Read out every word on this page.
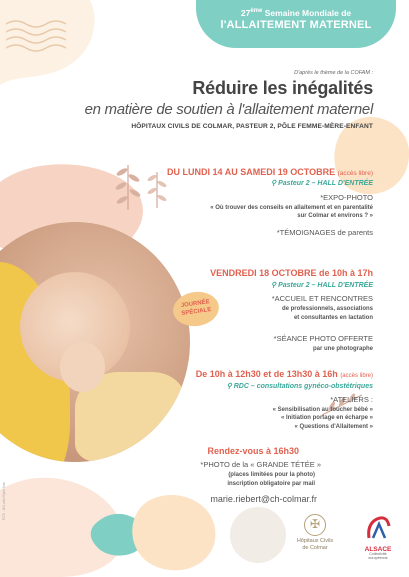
27ème Semaine Mondiale de
l'ALLAITEMENT MATERNEL
D'après le thème de la COFAM :
Réduire les inégalités
en matière de soutien à l'allaitement maternel
HÔPITAUX CIVILS DE COLMAR, PASTEUR 2, PÔLE FEMME-MÈRE-ENFANT
DU LUNDI 14 AU SAMEDI 19 OCTOBRE (accès libre)
⚲ Pasteur 2 – HALL D'ENTRÉE
*EXPO-PHOTO
« Où trouver des conseils en allaitement et en parentalité
sur Colmar et environs ? »
*TÉMOIGNAGES de parents
VENDREDI 18 OCTOBRE de 10h à 17h
⚲ Pasteur 2 – HALL D'ENTRÉE
JOURNÉE
SPÉCIALE
*ACCUEIL ET RENCONTRES
de professionnels, associations
et consultantes en lactation
*SÉANCE PHOTO OFFERTE
par une photographe
De 10h à 12h30 et de 13h30 à 16h (accès libre)
⚲ RDC – consultations gynéco-obstétriques
*ATELIERS :
« Sensibilisation au toucher bébé »
« Initiation portage en écharpe »
« Questions d'Allaitement »
Rendez-vous à 16h30
*PHOTO de la « GRANDE TÉTÉE »
(places limitées pour la photo)
inscription obligatoire par mail
marie.riebert@ch-colmar.fr
✠
Hôpitaux Civils
de Colmar	ALSACE
Collectivité
européenne
FCS - BC-alla Rijkel Nair
